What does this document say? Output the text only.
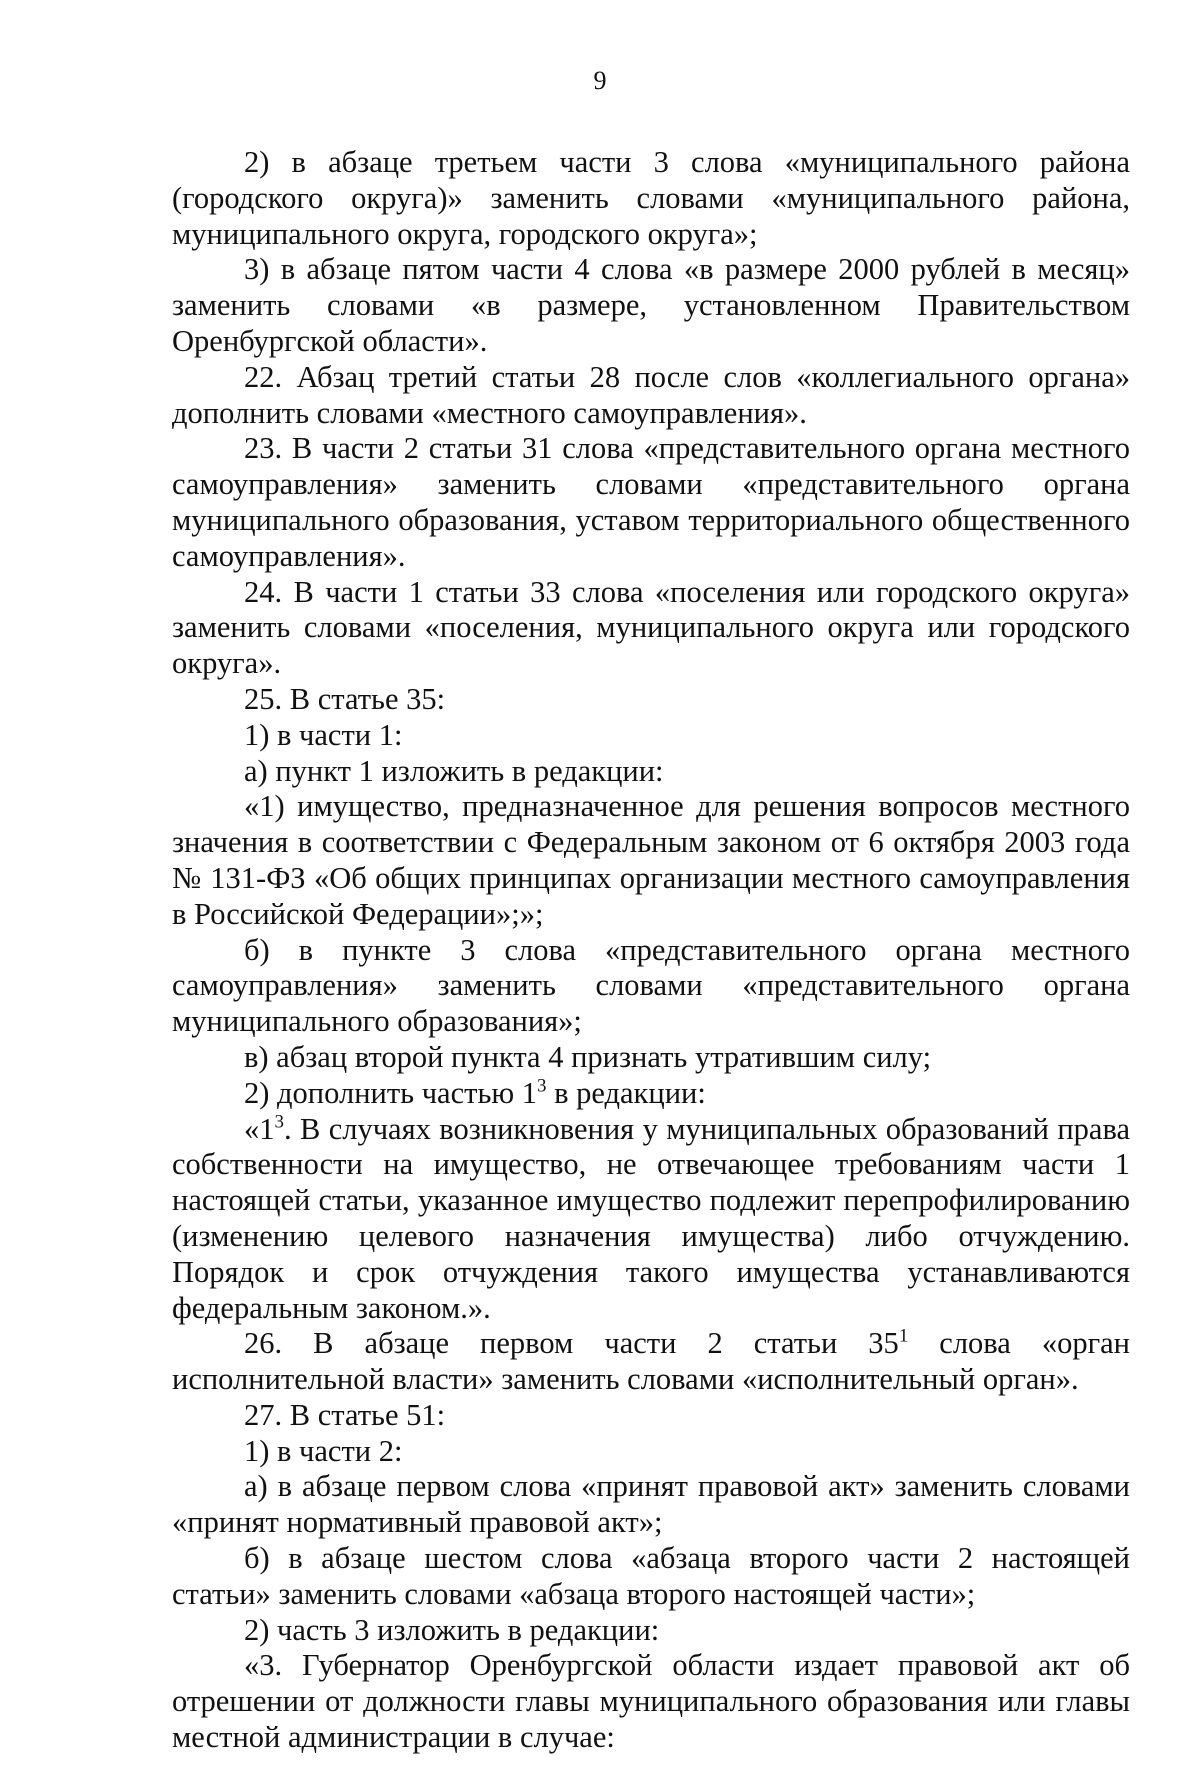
9

2) в абзаце третьем части 3 слова «муниципального района (городского округа)» заменить словами «муниципального района, муниципального округа, городского округа»;

3) в абзаце пятом части 4 слова «в размере 2000 рублей в месяц» заменить словами «в размере, установленном Правительством Оренбургской области».

22. Абзац третий статьи 28 после слов «коллегиального органа» дополнить словами «местного самоуправления».

23. В части 2 статьи 31 слова «представительного органа местного самоуправления» заменить словами «представительного органа муниципального образования, уставом территориального общественного самоуправления».

24. В части 1 статьи 33 слова «поселения или городского округа» заменить словами «поселения, муниципального округа или городского округа».

25. В статье 35:

1) в части 1:

а) пункт 1 изложить в редакции:

«1) имущество, предназначенное для решения вопросов местного значения в соответствии с Федеральным законом от 6 октября 2003 года № 131-ФЗ «Об общих принципах организации местного самоуправления в Российской Федерации»;»;

б) в пункте 3 слова «представительного органа местного самоуправления» заменить словами «представительного органа муниципального образования»;

в) абзац второй пункта 4 признать утратившим силу;

2) дополнить частью $1^3$ в редакции:

«$1^3$. В случаях возникновения у муниципальных образований права собственности на имущество, не отвечающее требованиям части 1 настоящей статьи, указанное имущество подлежит перепрофилированию (изменению целевого назначения имущества) либо отчуждению. Порядок и срок отчуждения такого имущества устанавливаются федеральным законом.».

26. В абзаце первом части 2 статьи $35^1$ слова «орган исполнительной власти» заменить словами «исполнительный орган».

27. В статье 51:

1) в части 2:

а) в абзаце первом слова «принят правовой акт» заменить словами «принят нормативный правовой акт»;

б) в абзаце шестом слова «абзаца второго части 2 настоящей статьи» заменить словами «абзаца второго настоящей части»;

2) часть 3 изложить в редакции:

«3. Губернатор Оренбургской области издает правовой акт об отрешении от должности главы муниципального образования или главы местной администрации в случае:
